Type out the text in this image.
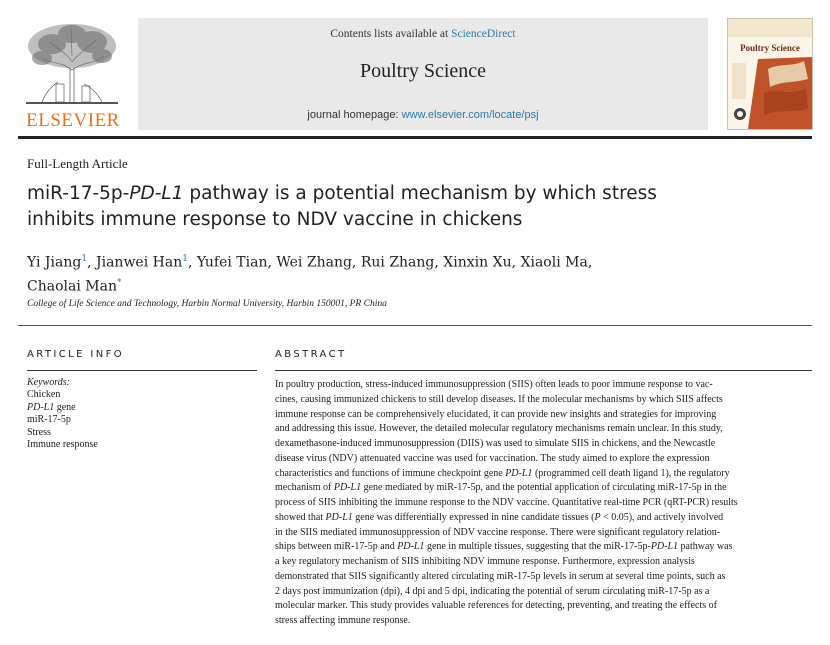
ELSEVIER
Contents lists available at ScienceDirect
Poultry Science
journal homepage: www.elsevier.com/locate/psj
Poultry Science
Full-Length Article
miR-17-5p-PD-L1 pathway is a potential mechanism by which stress
inhibits immune response to NDV vaccine in chickens
Yi Jiang$^1$, Jianwei Han$^1$, Yufei Tian, Wei Zhang, Rui Zhang, Xinxin Xu, Xiaoli Ma,
Chaolai Man*
College of Life Science and Technology, Harbin Normal University, Harbin 150001, PR China
ARTICLE INFO
Keywords:
Chicken
PD-L1 gene
miR-17-5p
Stress
Immune response
ABSTRACT
In poultry production, stress-induced immunosuppression (SIIS) often leads to poor immune response to vac-
cines, causing immunized chickens to still develop diseases. If the molecular mechanisms by which SIIS affects
immune response can be comprehensively elucidated, it can provide new insights and strategies for improving
and addressing this issue. However, the detailed molecular regulatory mechanisms remain unclear. In this study,
dexamethasone-induced immunosuppression (DIIS) was used to simulate SIIS in chickens, and the Newcastle
disease virus (NDV) attenuated vaccine was used for vaccination. The study aimed to explore the expression
characteristics and functions of immune checkpoint gene PD-L1 (programmed cell death ligand 1), the regulatory
mechanism of PD-L1 gene mediated by miR-17-5p, and the potential application of circulating miR-17-5p in the
process of SIIS inhibiting the immune response to the NDV vaccine. Quantitative real-time PCR (qRT-PCR) results
showed that PD-L1 gene was differentially expressed in nine candidate tissues (P < 0.05), and actively involved
in the SIIS mediated immunosuppression of NDV vaccine response. There were significant regulatory relation-
ships between miR-17-5p and PD-L1 gene in multiple tissues, suggesting that the miR-17-5p-PD-L1 pathway was
a key regulatory mechanism of SIIS inhibiting NDV immune response. Furthermore, expression analysis
demonstrated that SIIS significantly altered circulating miR-17-5p levels in serum at several time points, such as
2 days post immunization (dpi), 4 dpi and 5 dpi, indicating the potential of serum circulating miR-17-5p as a
molecular marker. This study provides valuable references for detecting, preventing, and treating the effects of
stress affecting immune response.
